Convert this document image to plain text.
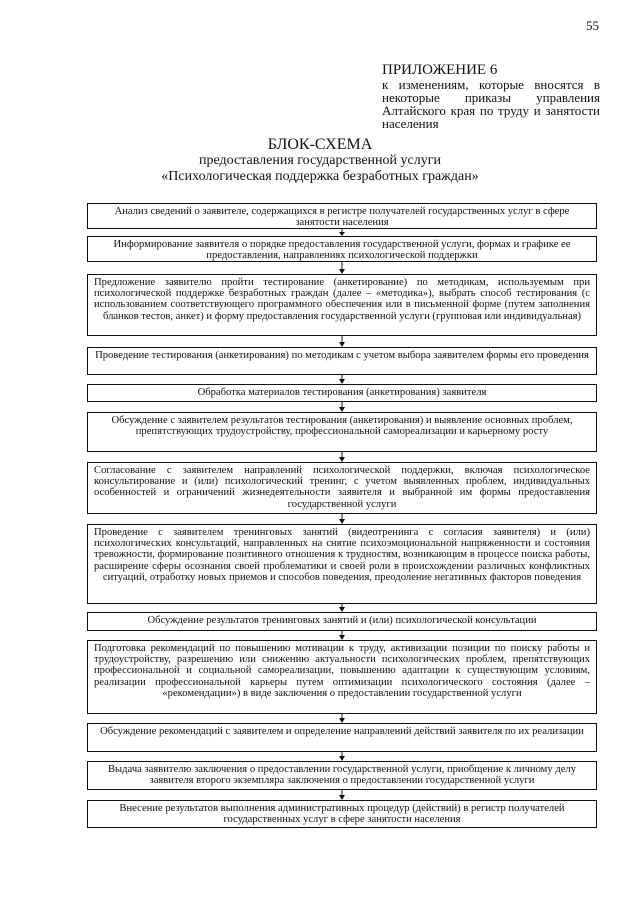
55
ПРИЛОЖЕНИЕ 6
к изменениям, которые вносятся в некоторые приказы управления Алтайского края по труду и занятости населения
БЛОК-СХЕМА
предоставления государственной услуги «Психологическая поддержка безработных граждан»
Анализ сведений о заявителе, содержащихся в регистре получателей государственных услуг в сфере занятости населения
Информирование заявителя о порядке предоставления государственной услуги, формах и графике ее предоставления, направлениях психологической поддержки
Предложение заявителю пройти тестирование (анкетирование) по методикам, используемым при психологической поддержке безработных граждан (далее – «методика»), выбрать способ тестирования (с использованием соответствующего программного обеспечения или в письменной форме (путем заполнения бланков тестов, анкет) и форму предоставления государственной услуги (групповая или индивидуальная)
Проведение тестирования (анкетирования) по методикам с учетом выбора заявителем формы его проведения
Обработка материалов тестирования (анкетирования) заявителя
Обсуждение с заявителем результатов тестирования (анкетирования) и выявление основных проблем, препятствующих трудоустройству, профессиональной самореализации и карьерному росту
Согласование с заявителем направлений психологической поддержки, включая психологическое консультирование и (или) психологический тренинг, с учетом выявленных проблем, индивидуальных особенностей и ограничений жизнедеятельности заявителя и выбранной им формы предоставления государственной услуги
Проведение с заявителем тренинговых занятий (видеотренинга с согласия заявителя) и (или) психологических консультаций, направленных на снятие психоэмоциональной напряженности и состояния тревожности, формирование позитивного отношения к трудностям, возникающим в процессе поиска работы, расширение сферы осознания своей проблематики и своей роли в происхождении различных конфликтных ситуаций, отработку новых приемов и способов поведения, преодоление негативных факторов поведения
Обсуждение результатов тренинговых занятий и (или) психологической консультации
Подготовка рекомендаций по повышению мотивации к труду, активизации позиции по поиску работы и трудоустройству, разрешению или снижению актуальности психологических проблем, препятствующих профессиональной и социальной самореализации, повышению адаптации к существующим условиям, реализации профессиональной карьеры путем оптимизации психологического состояния (далее – «рекомендации») в виде заключения о предоставлении государственной услуги
Обсуждение рекомендаций с заявителем и определение направлений действий заявителя по их реализации
Выдача заявителю заключения о предоставлении государственной услуги, приобщение к личному делу заявителя второго экземпляра заключения о предоставлении государственной услуги
Внесение результатов выполнения административных процедур (действий) в регистр получателей государственных услуг в сфере занятости населения
